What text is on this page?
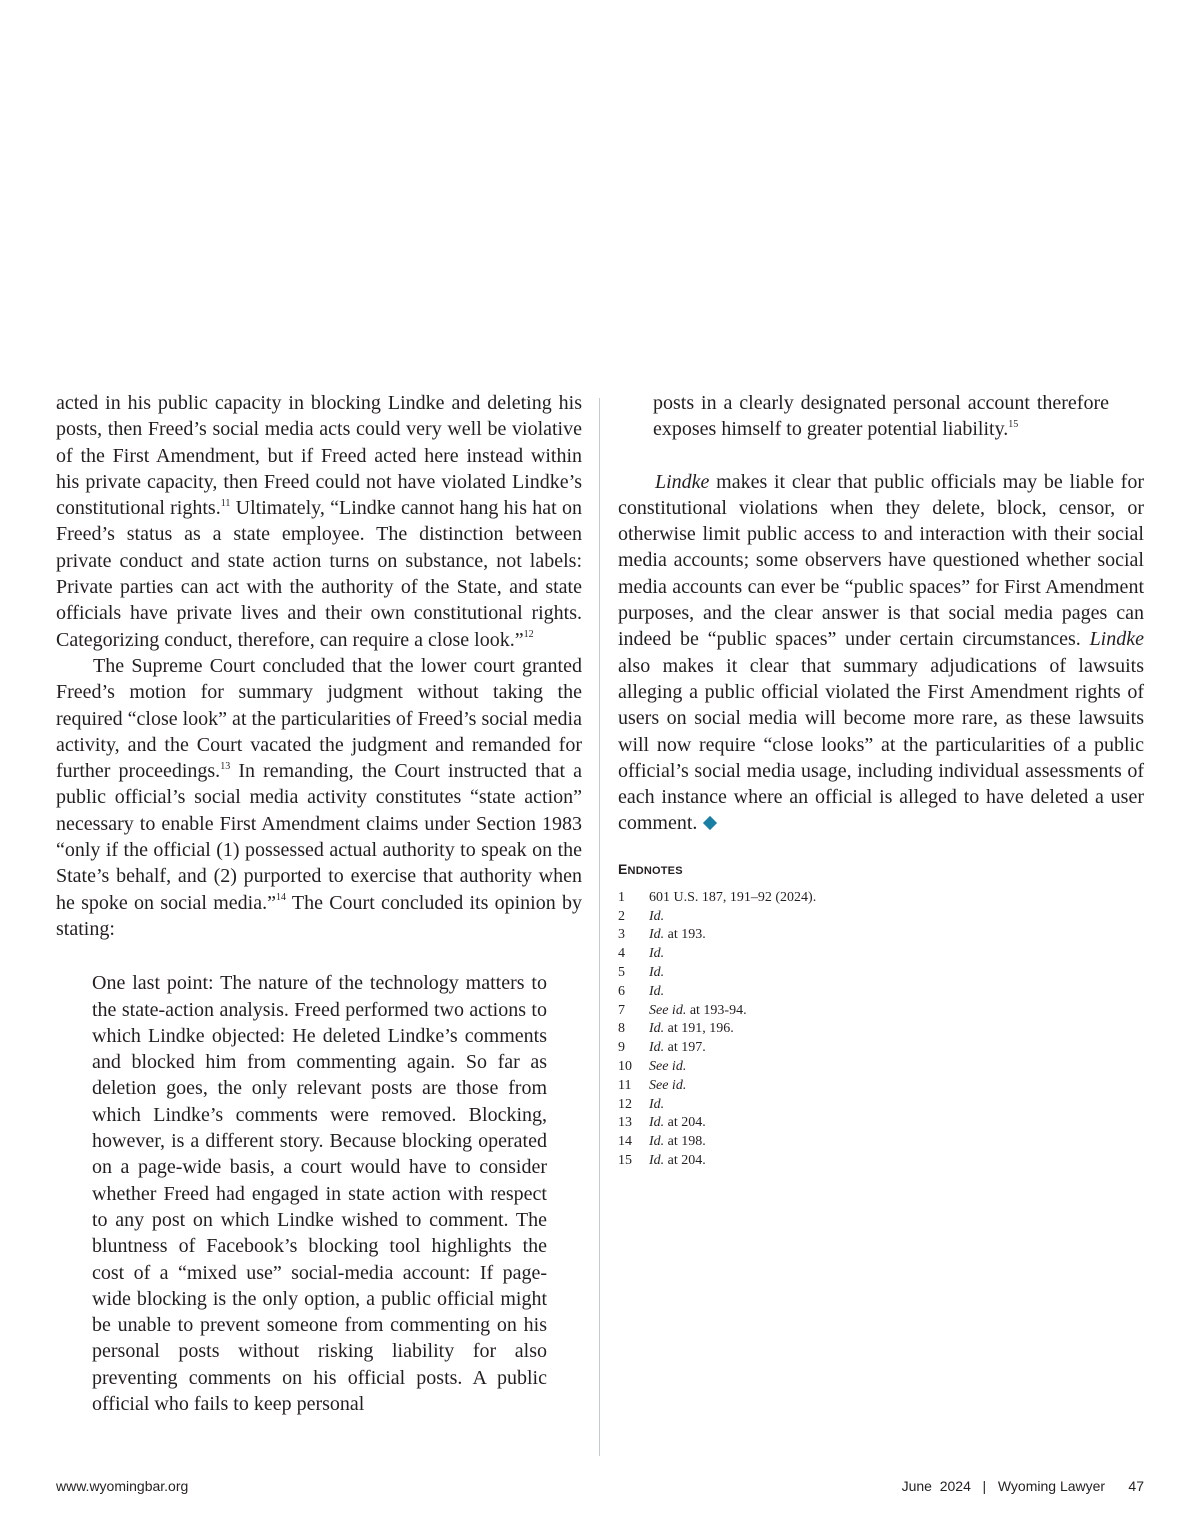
acted in his public capacity in blocking Lindke and deleting his posts, then Freed’s social media acts could very well be violative of the First Amendment, but if Freed acted here instead within his private capacity, then Freed could not have violated Lindke’s constitutional rights.$^{11}$ Ultimately, “Lindke cannot hang his hat on Freed’s status as a state employee. The distinction between private conduct and state action turns on substance, not labels: Private parties can act with the authority of the State, and state officials have private lives and their own constitutional rights. Categorizing conduct, therefore, can require a close look.”$^{12}$

The Supreme Court concluded that the lower court granted Freed’s motion for summary judgment without taking the required “close look” at the particularities of Freed’s social media activity, and the Court vacated the judgment and remanded for further proceedings.$^{13}$ In remanding, the Court instructed that a public official’s social media activity constitutes “state action” necessary to enable First Amendment claims under Section 1983 “only if the official (1) possessed actual authority to speak on the State’s behalf, and (2) purported to exercise that authority when he spoke on social media.”$^{14}$ The Court concluded its opinion by stating:

One last point: The nature of the technology matters to the state-action analysis. Freed performed two actions to which Lindke objected: He deleted Lindke’s comments and blocked him from commenting again. So far as deletion goes, the only relevant posts are those from which Lindke’s comments were removed. Blocking, however, is a different story. Because blocking operated on a page-wide basis, a court would have to consider whether Freed had engaged in state action with respect to any post on which Lindke wished to comment. The bluntness of Facebook’s blocking tool highlights the cost of a “mixed use” social-media account: If page-wide blocking is the only option, a public official might be unable to prevent someone from commenting on his personal posts without risking liability for also preventing comments on his official posts. A public official who fails to keep personal

posts in a clearly designated personal account therefore exposes himself to greater potential liability.$^{15}$

Lindke makes it clear that public officials may be liable for constitutional violations when they delete, block, censor, or otherwise limit public access to and interaction with their social media accounts; some observers have questioned whether social media accounts can ever be “public spaces” for First Amendment purposes, and the clear answer is that social media pages can indeed be “public spaces” under certain circumstances. Lindke also makes it clear that summary adjudications of lawsuits alleging a public official violated the First Amendment rights of users on social media will become more rare, as these lawsuits will now require “close looks” at the particularities of a public official’s social media usage, including individual assessments of each instance where an official is alleged to have deleted a user comment.

ENDNOTES
1	601 U.S. 187, 191–92 (2024).
2	Id.
3	Id. at 193.
4	Id.
5	Id.
6	Id.
7	See id. at 193-94.
8	Id. at 191, 196.
9	Id. at 197.
10	See id.
11	See id.
12	Id.
13	Id. at 204.
14	Id. at 198.
15	Id. at 204.
www.wyomingbar.org	June  2024   |   Wyoming Lawyer      47
